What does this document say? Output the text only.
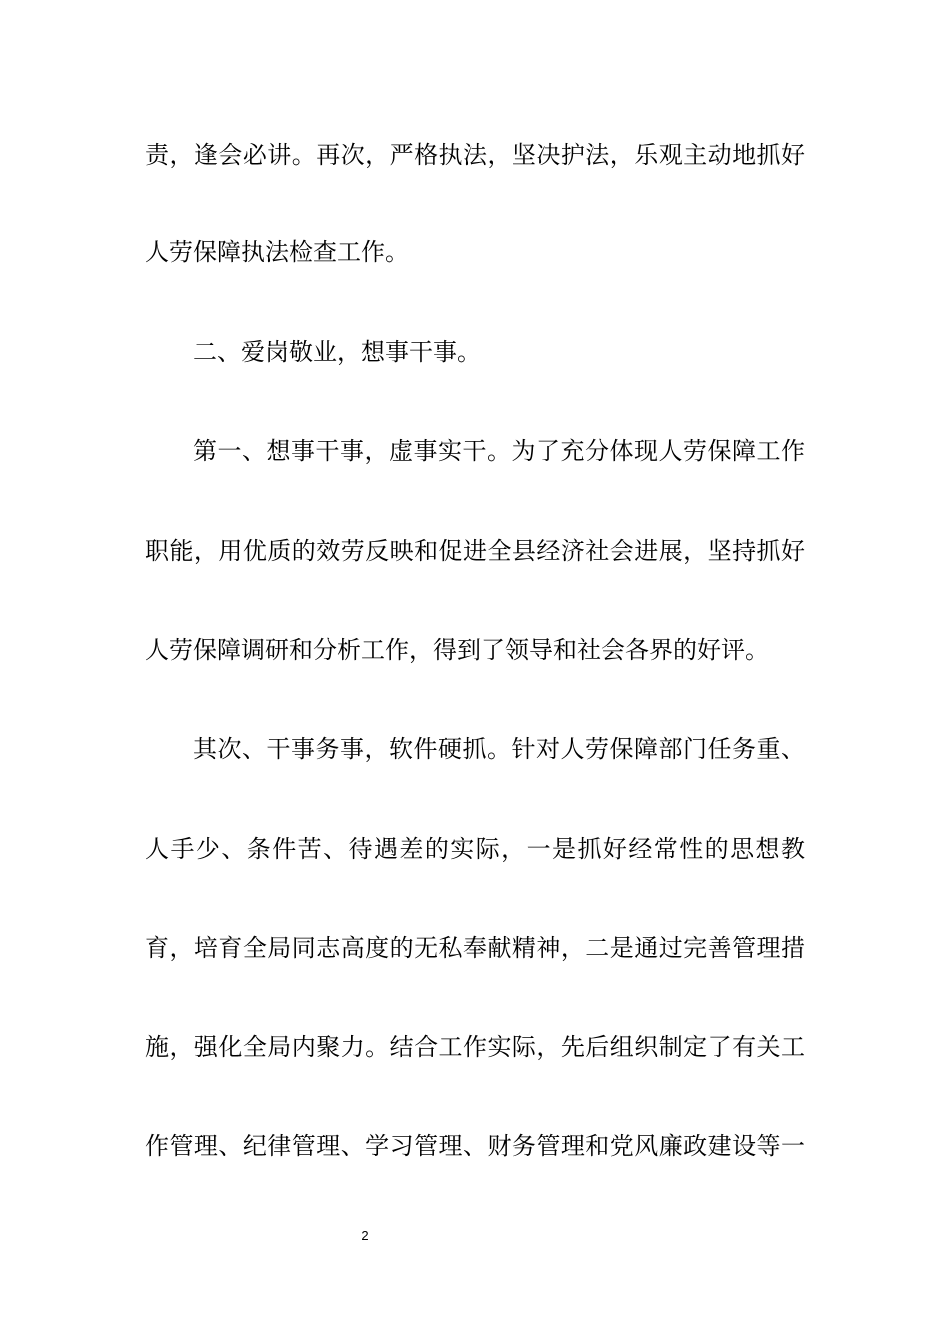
责，逢会必讲。再次，严格执法，坚决护法，乐观主动地抓好
人劳保障执法检查工作。
二、爱岗敬业，想事干事。
第一、想事干事，虚事实干。为了充分体现人劳保障工作
职能，用优质的效劳反映和促进全县经济社会进展，坚持抓好
人劳保障调研和分析工作，得到了领导和社会各界的好评。
其次、干事务事，软件硬抓。针对人劳保障部门任务重、
人手少、条件苦、待遇差的实际，一是抓好经常性的思想教
育，培育全局同志高度的无私奉献精神，二是通过完善管理措
施，强化全局内聚力。结合工作实际，先后组织制定了有关工
作管理、纪律管理、学习管理、财务管理和党风廉政建设等一
2
